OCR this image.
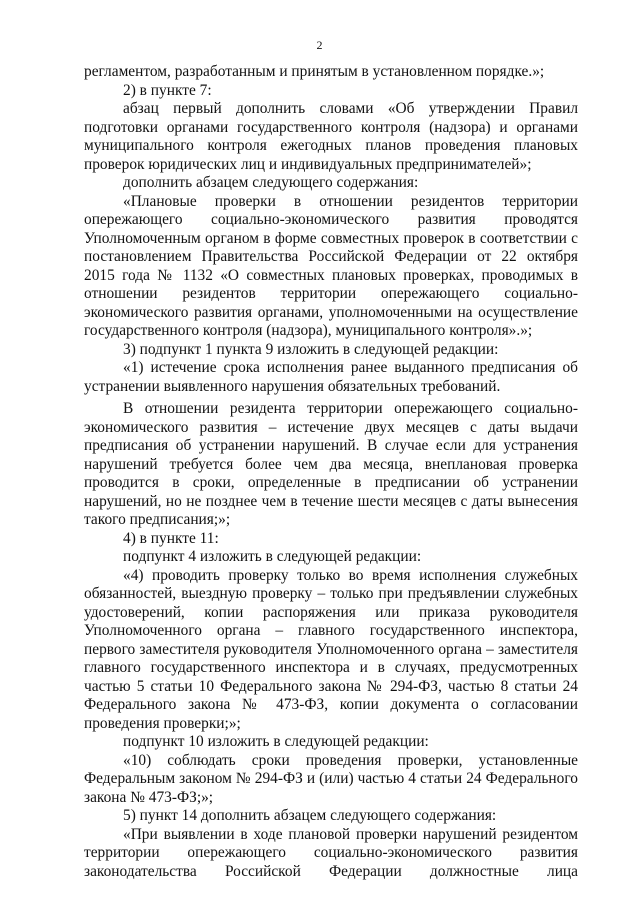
2

регламентом, разработанным и принятым в установленном порядке.»;

2) в пункте 7:

абзац первый дополнить словами «Об утверждении Правил

подготовки органами государственного контроля (надзора) и органами

муниципального контроля ежегодных планов проведения плановых

проверок юридических лиц и индивидуальных предпринимателей»;

дополнить абзацем следующего содержания:

«Плановые проверки в отношении резидентов территории

опережающего социально-экономического развития проводятся

Уполномоченным органом в форме совместных проверок в соответствии с

постановлением Правительства Российской Федерации от 22 октября

2015 года № 1132 «О совместных плановых проверках, проводимых в

отношении резидентов территории опережающего социально-

экономического развития органами, уполномоченными на осуществление

государственного контроля (надзора), муниципального контроля».»;

3) подпункт 1 пункта 9 изложить в следующей редакции:

«1) истечение срока исполнения ранее выданного предписания об

устранении выявленного нарушения обязательных требований.

В отношении резидента территории опережающего социально-

экономического развития – истечение двух месяцев с даты выдачи

предписания об устранении нарушений. В случае если для устранения

нарушений требуется более чем два месяца, внеплановая проверка

проводится в сроки, определенные в предписании об устранении

нарушений, но не позднее чем в течение шести месяцев с даты вынесения

такого предписания;»;

4) в пункте 11:

подпункт 4 изложить в следующей редакции:

«4) проводить проверку только во время исполнения служебных

обязанностей, выездную проверку – только при предъявлении служебных

удостоверений, копии распоряжения или приказа руководителя

Уполномоченного органа – главного государственного инспектора,

первого заместителя руководителя Уполномоченного органа – заместителя

главного государственного инспектора и в случаях, предусмотренных

частью 5 статьи 10 Федерального закона № 294-ФЗ, частью 8 статьи 24

Федерального закона № 473-ФЗ, копии документа о согласовании

проведения проверки;»;

подпункт 10 изложить в следующей редакции:

«10) соблюдать сроки проведения проверки, установленные

Федеральным законом № 294-ФЗ и (или) частью 4 статьи 24 Федерального

закона № 473-ФЗ;»;

5) пункт 14 дополнить абзацем следующего содержания:

«При выявлении в ходе плановой проверки нарушений резидентом

территории опережающего социально-экономического развития

законодательства Российской Федерации должностные лица
